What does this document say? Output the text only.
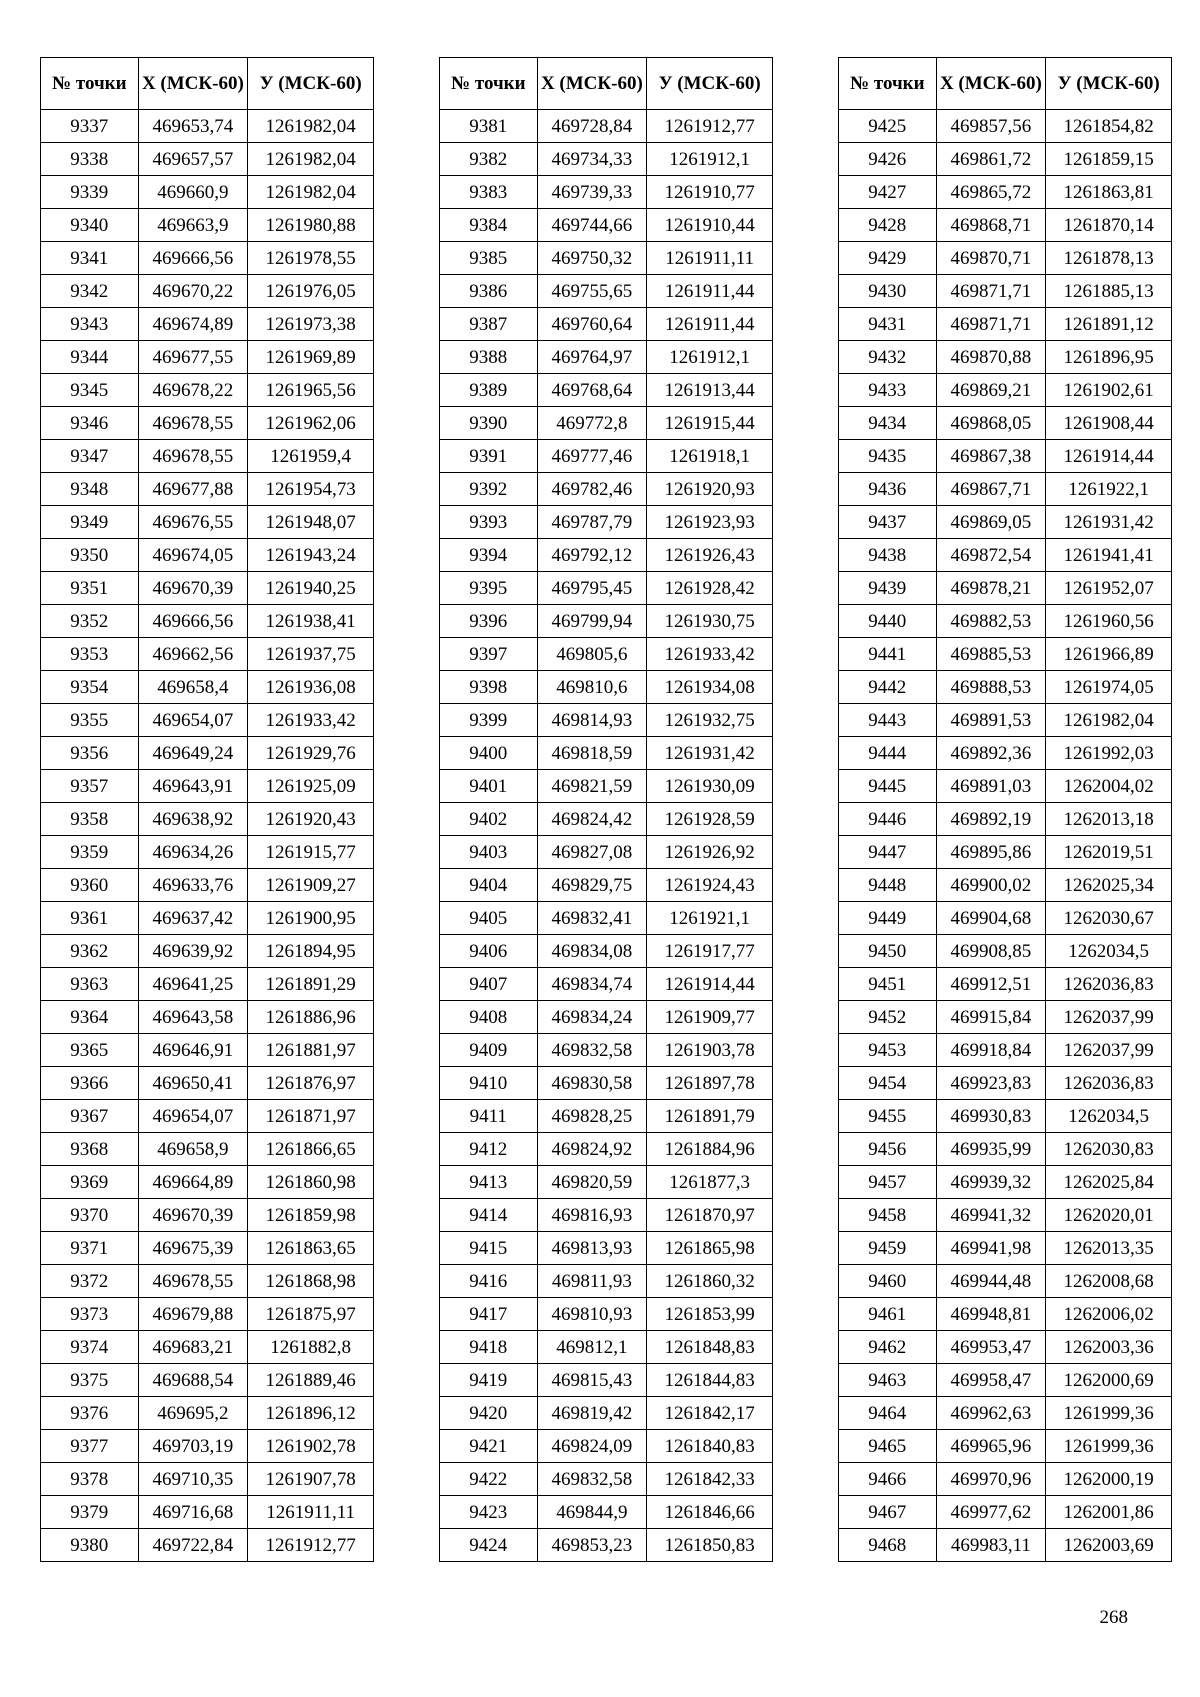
№ точки	X (МСК-60)	У (МСК-60)
9337	469653,74	1261982,04
9338	469657,57	1261982,04
9339	469660,9	1261982,04
9340	469663,9	1261980,88
9341	469666,56	1261978,55
9342	469670,22	1261976,05
9343	469674,89	1261973,38
9344	469677,55	1261969,89
9345	469678,22	1261965,56
9346	469678,55	1261962,06
9347	469678,55	1261959,4
9348	469677,88	1261954,73
9349	469676,55	1261948,07
9350	469674,05	1261943,24
9351	469670,39	1261940,25
9352	469666,56	1261938,41
9353	469662,56	1261937,75
9354	469658,4	1261936,08
9355	469654,07	1261933,42
9356	469649,24	1261929,76
9357	469643,91	1261925,09
9358	469638,92	1261920,43
9359	469634,26	1261915,77
9360	469633,76	1261909,27
9361	469637,42	1261900,95
9362	469639,92	1261894,95
9363	469641,25	1261891,29
9364	469643,58	1261886,96
9365	469646,91	1261881,97
9366	469650,41	1261876,97
9367	469654,07	1261871,97
9368	469658,9	1261866,65
9369	469664,89	1261860,98
9370	469670,39	1261859,98
9371	469675,39	1261863,65
9372	469678,55	1261868,98
9373	469679,88	1261875,97
9374	469683,21	1261882,8
9375	469688,54	1261889,46
9376	469695,2	1261896,12
9377	469703,19	1261902,78
9378	469710,35	1261907,78
9379	469716,68	1261911,11
9380	469722,84	1261912,77
№ точки	X (МСК-60)	У (МСК-60)
9381	469728,84	1261912,77
9382	469734,33	1261912,1
9383	469739,33	1261910,77
9384	469744,66	1261910,44
9385	469750,32	1261911,11
9386	469755,65	1261911,44
9387	469760,64	1261911,44
9388	469764,97	1261912,1
9389	469768,64	1261913,44
9390	469772,8	1261915,44
9391	469777,46	1261918,1
9392	469782,46	1261920,93
9393	469787,79	1261923,93
9394	469792,12	1261926,43
9395	469795,45	1261928,42
9396	469799,94	1261930,75
9397	469805,6	1261933,42
9398	469810,6	1261934,08
9399	469814,93	1261932,75
9400	469818,59	1261931,42
9401	469821,59	1261930,09
9402	469824,42	1261928,59
9403	469827,08	1261926,92
9404	469829,75	1261924,43
9405	469832,41	1261921,1
9406	469834,08	1261917,77
9407	469834,74	1261914,44
9408	469834,24	1261909,77
9409	469832,58	1261903,78
9410	469830,58	1261897,78
9411	469828,25	1261891,79
9412	469824,92	1261884,96
9413	469820,59	1261877,3
9414	469816,93	1261870,97
9415	469813,93	1261865,98
9416	469811,93	1261860,32
9417	469810,93	1261853,99
9418	469812,1	1261848,83
9419	469815,43	1261844,83
9420	469819,42	1261842,17
9421	469824,09	1261840,83
9422	469832,58	1261842,33
9423	469844,9	1261846,66
9424	469853,23	1261850,83
№ точки	X (МСК-60)	У (МСК-60)
9425	469857,56	1261854,82
9426	469861,72	1261859,15
9427	469865,72	1261863,81
9428	469868,71	1261870,14
9429	469870,71	1261878,13
9430	469871,71	1261885,13
9431	469871,71	1261891,12
9432	469870,88	1261896,95
9433	469869,21	1261902,61
9434	469868,05	1261908,44
9435	469867,38	1261914,44
9436	469867,71	1261922,1
9437	469869,05	1261931,42
9438	469872,54	1261941,41
9439	469878,21	1261952,07
9440	469882,53	1261960,56
9441	469885,53	1261966,89
9442	469888,53	1261974,05
9443	469891,53	1261982,04
9444	469892,36	1261992,03
9445	469891,03	1262004,02
9446	469892,19	1262013,18
9447	469895,86	1262019,51
9448	469900,02	1262025,34
9449	469904,68	1262030,67
9450	469908,85	1262034,5
9451	469912,51	1262036,83
9452	469915,84	1262037,99
9453	469918,84	1262037,99
9454	469923,83	1262036,83
9455	469930,83	1262034,5
9456	469935,99	1262030,83
9457	469939,32	1262025,84
9458	469941,32	1262020,01
9459	469941,98	1262013,35
9460	469944,48	1262008,68
9461	469948,81	1262006,02
9462	469953,47	1262003,36
9463	469958,47	1262000,69
9464	469962,63	1261999,36
9465	469965,96	1261999,36
9466	469970,96	1262000,19
9467	469977,62	1262001,86
9468	469983,11	1262003,69
268
